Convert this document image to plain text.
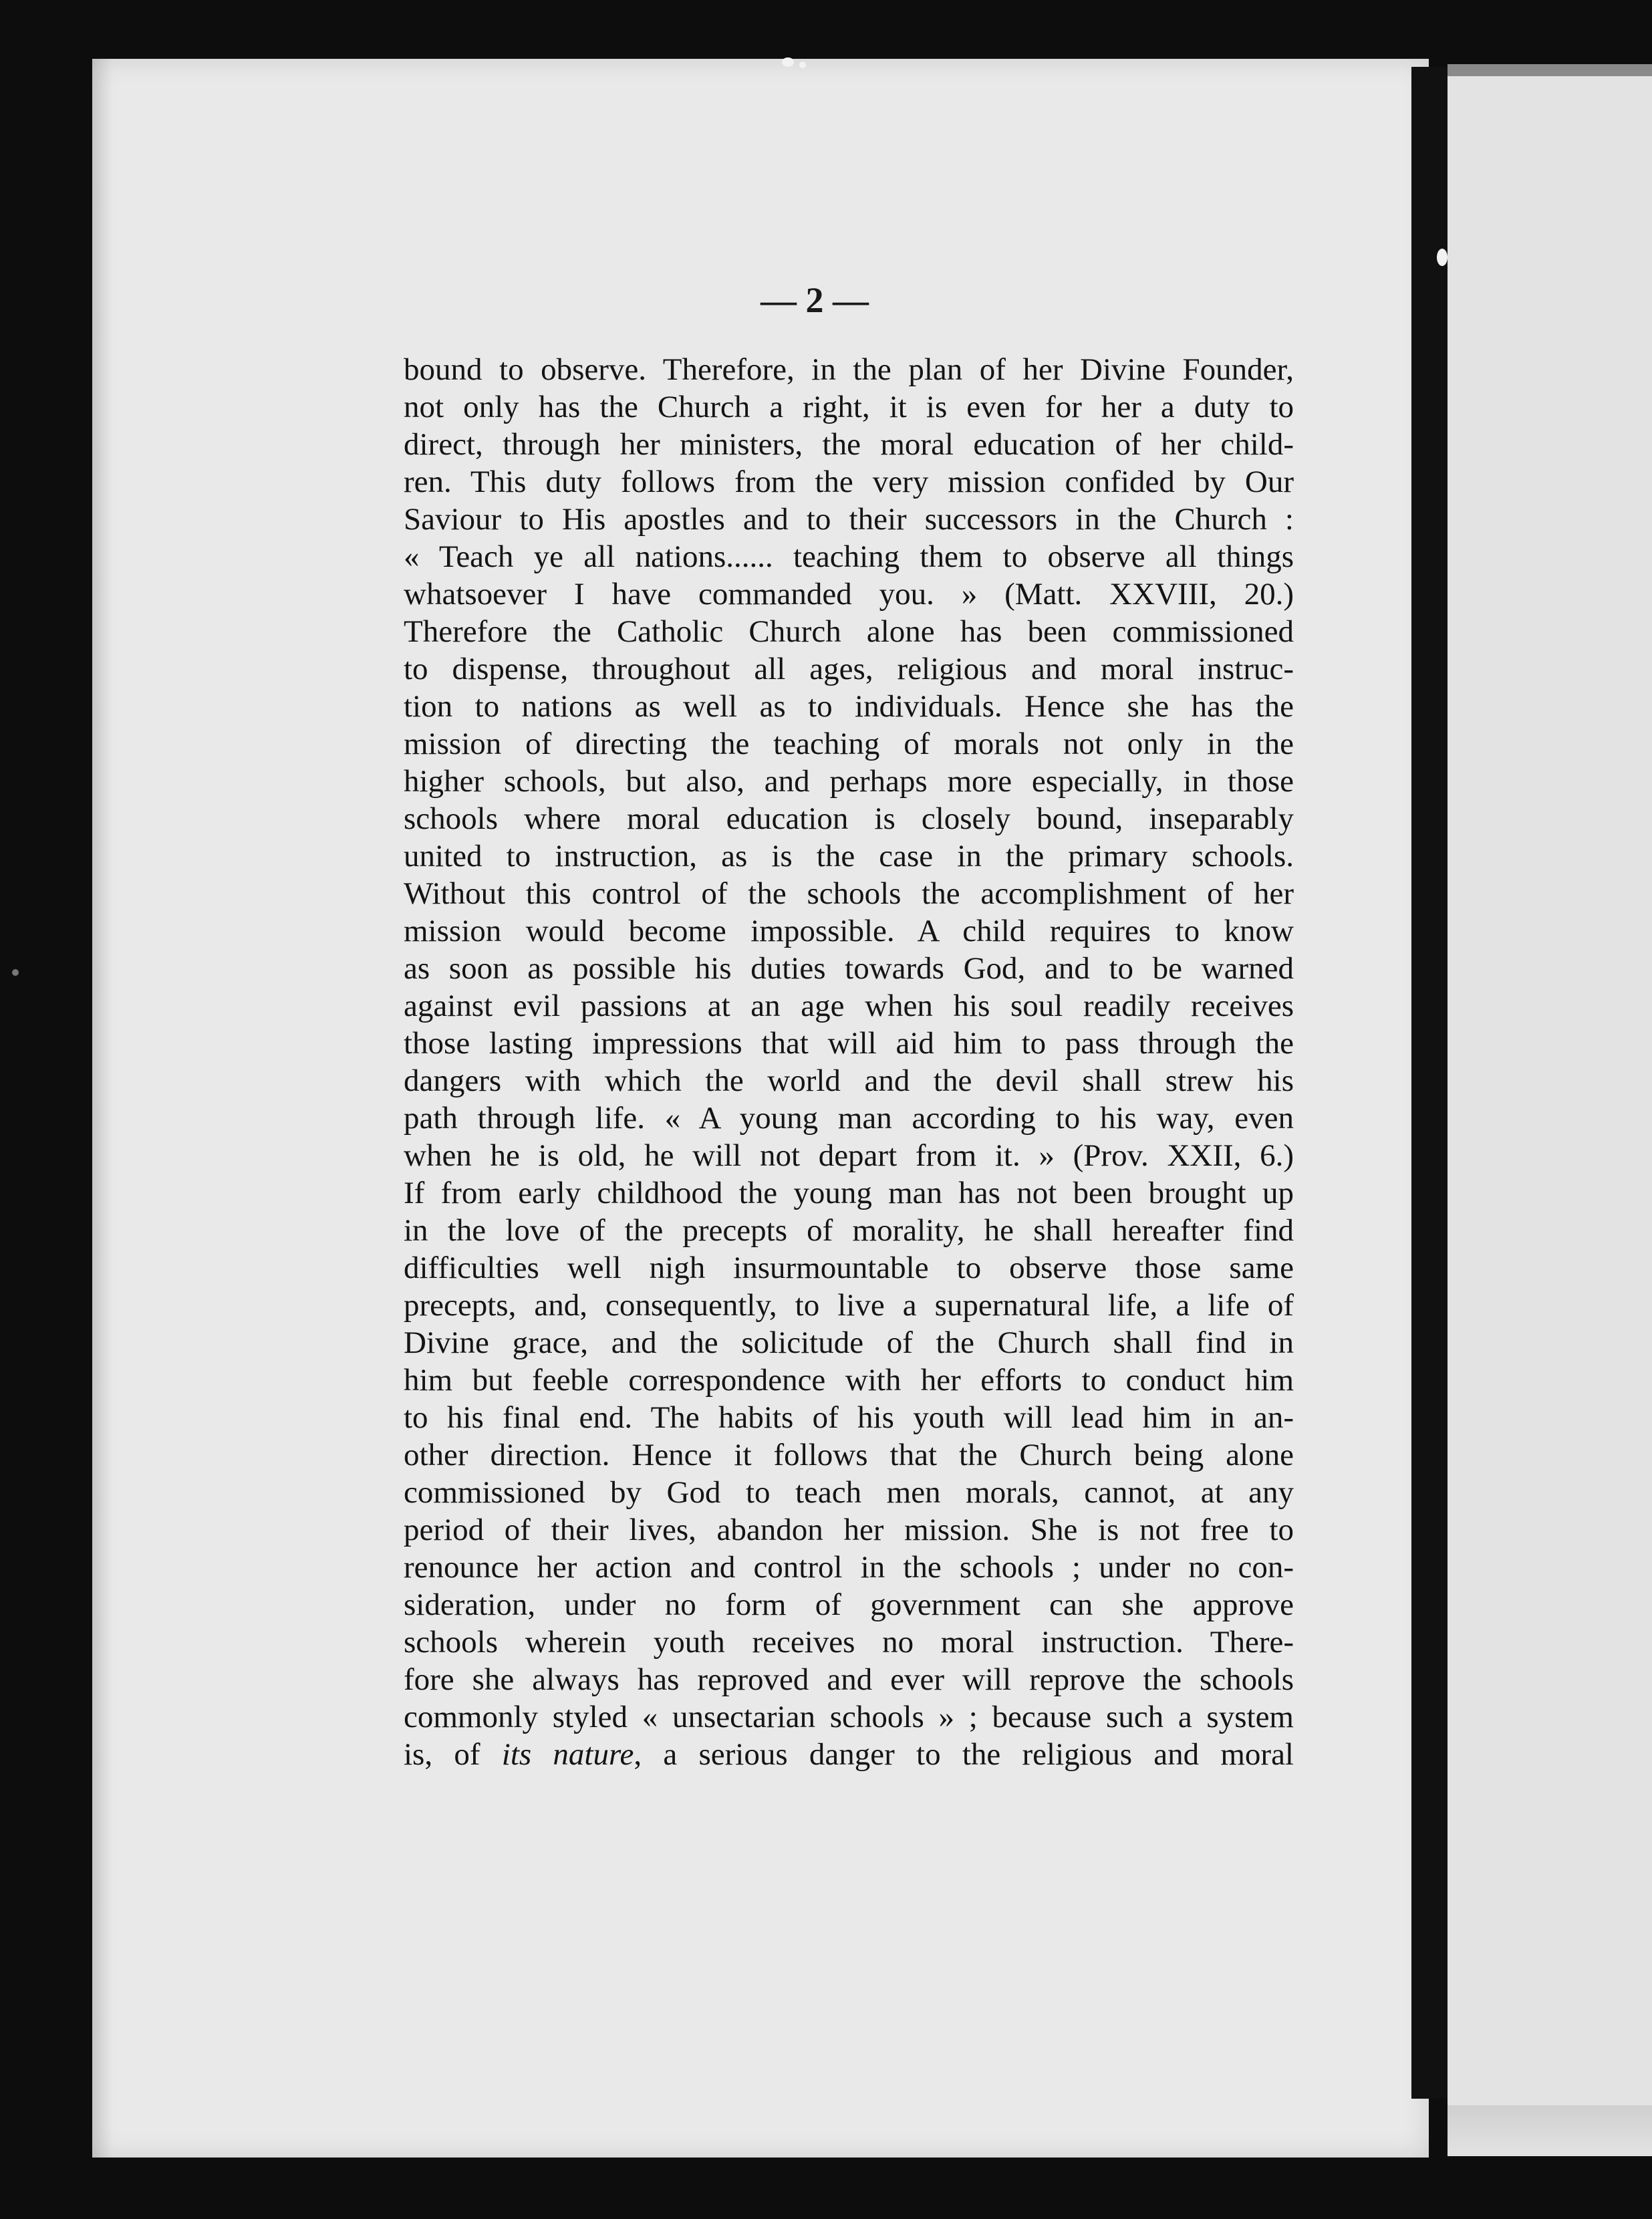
— 2 —
bound to observe. Therefore, in the plan of her Divine Founder,
not only has the Church a right, it is even for her a duty to
direct, through her ministers, the moral education of her child-
ren. This duty follows from the very mission confided by Our
Saviour to His apostles and to their successors in the Church :
« Teach ye all nations...... teaching them to observe all things
whatsoever I have commanded you. » (Matt. XXVIII, 20.)
Therefore the Catholic Church alone has been commissioned
to dispense, throughout all ages, religious and moral instruc-
tion to nations as well as to individuals. Hence she has the
mission of directing the teaching of morals not only in the
higher schools, but also, and perhaps more especially, in those
schools where moral education is closely bound, inseparably
united to instruction, as is the case in the primary schools.
Without this control of the schools the accomplishment of her
mission would become impossible. A child requires to know
as soon as possible his duties towards God, and to be warned
against evil passions at an age when his soul readily receives
those lasting impressions that will aid him to pass through the
dangers with which the world and the devil shall strew his
path through life. « A young man according to his way, even
when he is old, he will not depart from it. » (Prov. XXII, 6.)
If from early childhood the young man has not been brought up
in the love of the precepts of morality, he shall hereafter find
difficulties well nigh insurmountable to observe those same
precepts, and, consequently, to live a supernatural life, a life of
Divine grace, and the solicitude of the Church shall find in
him but feeble correspondence with her efforts to conduct him
to his final end. The habits of his youth will lead him in an-
other direction. Hence it follows that the Church being alone
commissioned by God to teach men morals, cannot, at any
period of their lives, abandon her mission. She is not free to
renounce her action and control in the schools ; under no con-
sideration, under no form of government can she approve
schools wherein youth receives no moral instruction. There-
fore she always has reproved and ever will reprove the schools
commonly styled « unsectarian schools » ; because such a system
is, of its nature, a serious danger to the religious and moral
